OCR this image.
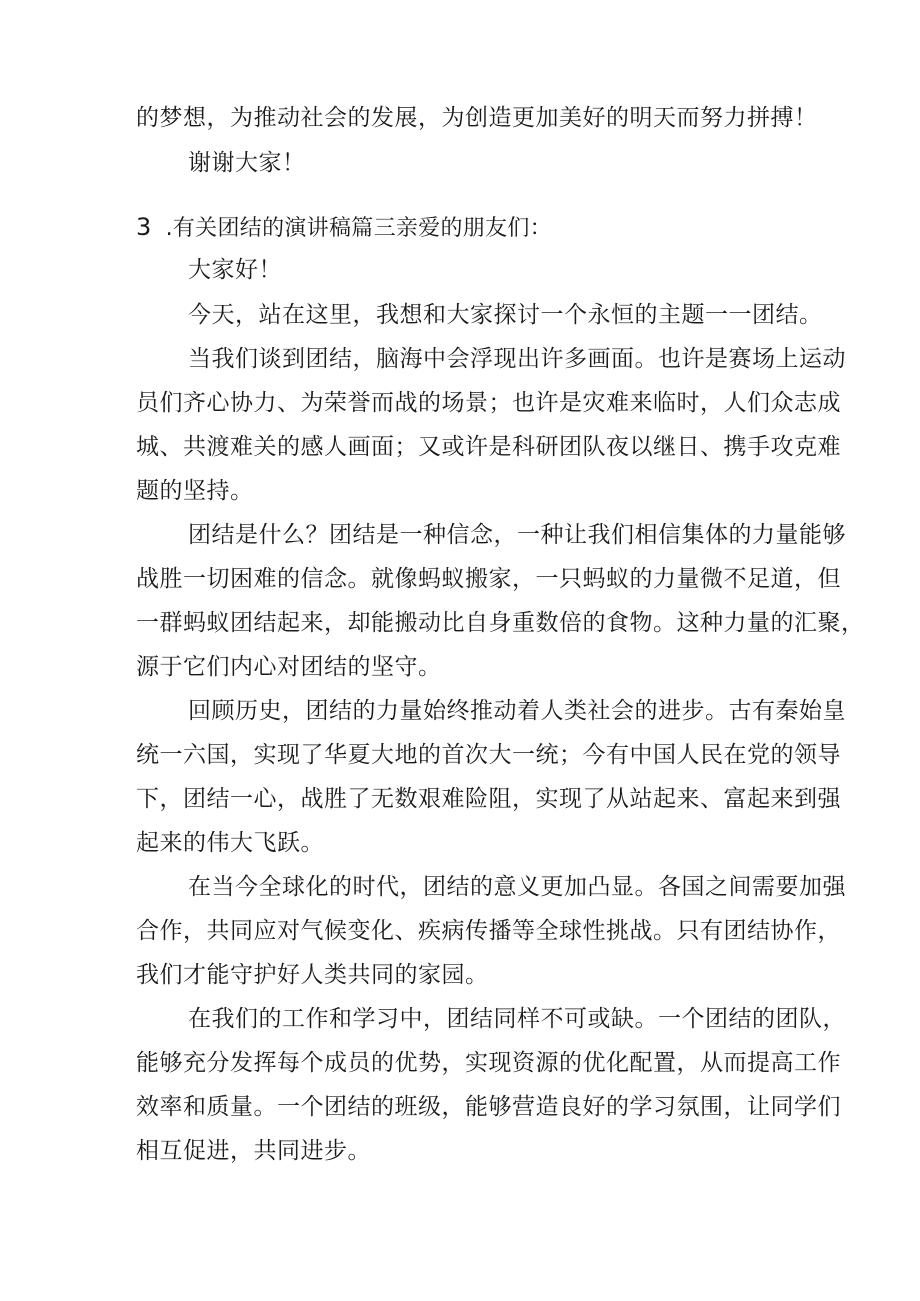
3 .有关团结的演讲稿篇三亲爱的朋友们：
的梦想，为推动社会的发展，为创造更加美好的明天而努力拼搏！
谢谢大家！
大家好！
今天，站在这里，我想和大家探讨一个永恒的主题一一团结。
当我们谈到团结，脑海中会浮现出许多画面。也许是赛场上运动
员们齐心协力、为荣誉而战的场景；也许是灾难来临时，人们众志成
城、共渡难关的感人画面；又或许是科研团队夜以继日、携手攻克难
题的坚持。
团结是什么？团结是一种信念，一种让我们相信集体的力量能够
战胜一切困难的信念。就像蚂蚁搬家，一只蚂蚁的力量微不足道，但
一群蚂蚁团结起来，却能搬动比自身重数倍的食物。这种力量的汇聚，
源于它们内心对团结的坚守。
回顾历史，团结的力量始终推动着人类社会的进步。古有秦始皇
统一六国，实现了华夏大地的首次大一统；今有中国人民在党的领导
下，团结一心，战胜了无数艰难险阻，实现了从站起来、富起来到强
起来的伟大飞跃。
在当今全球化的时代，团结的意义更加凸显。各国之间需要加强
合作，共同应对气候变化、疾病传播等全球性挑战。只有团结协作，
我们才能守护好人类共同的家园。
在我们的工作和学习中，团结同样不可或缺。一个团结的团队，
能够充分发挥每个成员的优势，实现资源的优化配置，从而提高工作
效率和质量。一个团结的班级，能够营造良好的学习氛围，让同学们
相互促进，共同进步。
